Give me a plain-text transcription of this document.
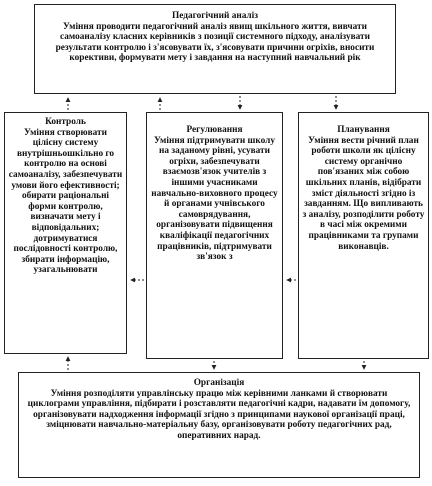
Педагогічний аналіз
Уміння проводити педагогічний аналіз явищ шкільного життя, вивчати самоаналізу класних керівників з позиції системного підходу, аналізувати результати контролю і з'ясовувати їх, з'ясовувати причини огріхів, вносити корективи, формувати мету і завдання на наступний навчальний рік
Контроль
Уміння створювати цілісну систему внутрішньошкільно го контролю на основі самоаналізу, забезпечувати умови його ефективності; обирати раціональні форми контролю, визначати мету і відповідальних; дотримуватися послідовності контролю, збирати інформацію, узагальнювати
Регулювання
Уміння підтримувати школу на заданому рівні, усувати огріхи, забезпечувати взаємозв'язок учителів з іншими учасниками навчально-виховного процесу й органами учнівського самоврядування, організовувати підвищення кваліфікації педагогічних працівників, підтримувати зв'язок з
Планування
Уміння вести річний план роботи школи як цілісну систему органічно пов'язаних між собою шкільних планів, відібрати зміст діяльності згідно із завданням. Що випливають з аналізу, розподілити роботу в часі між окремими працівниками та групами виконавців.
Організація
Уміння розподіляти управлінську працю між керівними ланками й створювати циклограми управління, підбирати і розставляти педагогічні кадри, надавати їм допомогу, організовувати надходження інформації згідно з принципами наукової організації праці, зміцнювати навчально-матеріальну базу, організовувати роботу педагогічних рад, оперативних нарад.
